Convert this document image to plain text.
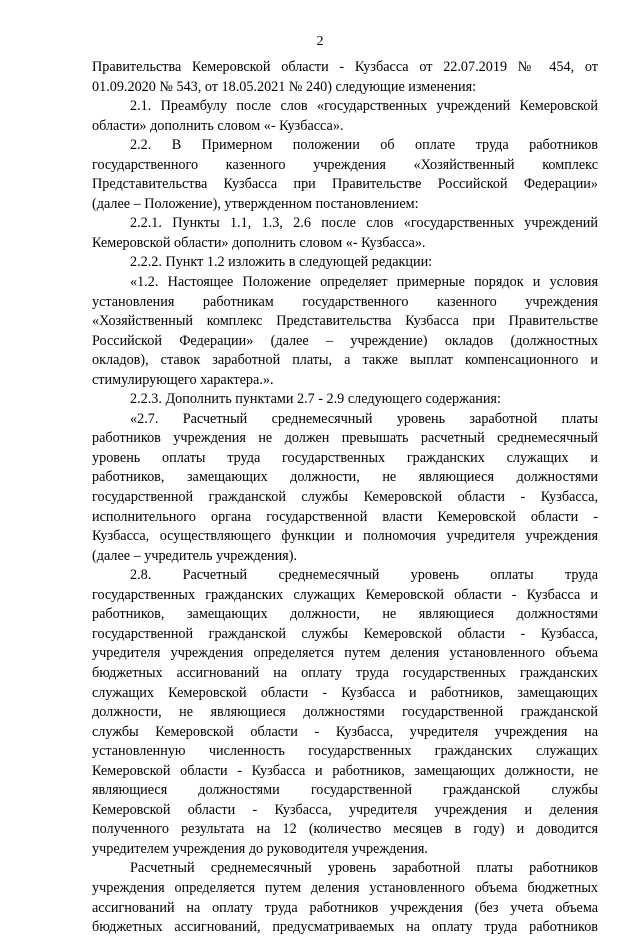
2
Правительства Кемеровской области - Кузбасса от 22.07.2019 № 454, от
01.09.2020 № 543, от 18.05.2021 № 240) следующие изменения:
2.1. Преамбулу после слов «государственных учреждений Кемеровской
области» дополнить словом «- Кузбасса».
2.2. В Примерном положении об оплате труда работников
государственного казенного учреждения «Хозяйственный комплекс
Представительства Кузбасса при Правительстве Российской Федерации»
(далее – Положение), утвержденном постановлением:
2.2.1. Пункты 1.1, 1.3, 2.6 после слов «государственных учреждений
Кемеровской области» дополнить словом «- Кузбасса».
2.2.2. Пункт 1.2 изложить в следующей редакции:
«1.2. Настоящее Положение определяет примерные порядок и условия
установления работникам государственного казенного учреждения
«Хозяйственный комплекс Представительства Кузбасса при Правительстве
Российской Федерации» (далее – учреждение) окладов (должностных
окладов), ставок заработной платы, а также выплат компенсационного и
стимулирующего характера.».
2.2.3. Дополнить пунктами 2.7 - 2.9 следующего содержания:
«2.7. Расчетный среднемесячный уровень заработной платы
работников учреждения не должен превышать расчетный среднемесячный
уровень оплаты труда государственных гражданских служащих и
работников, замещающих должности, не являющиеся должностями
государственной гражданской службы Кемеровской области - Кузбасса,
исполнительного органа государственной власти Кемеровской области -
Кузбасса, осуществляющего функции и полномочия учредителя учреждения
(далее – учредитель учреждения).
2.8. Расчетный среднемесячный уровень оплаты труда
государственных гражданских служащих Кемеровской области - Кузбасса и
работников, замещающих должности, не являющиеся должностями
государственной гражданской службы Кемеровской области - Кузбасса,
учредителя учреждения определяется путем деления установленного объема
бюджетных ассигнований на оплату труда государственных гражданских
служащих Кемеровской области - Кузбасса и работников, замещающих
должности, не являющиеся должностями государственной гражданской
службы Кемеровской области - Кузбасса, учредителя учреждения на
установленную численность государственных гражданских служащих
Кемеровской области - Кузбасса и работников, замещающих должности, не
являющиеся должностями государственной гражданской службы
Кемеровской области - Кузбасса, учредителя учреждения и деления
полученного результата на 12 (количество месяцев в году) и доводится
учредителем учреждения до руководителя учреждения.
Расчетный среднемесячный уровень заработной платы работников
учреждения определяется путем деления установленного объема бюджетных
ассигнований на оплату труда работников учреждения (без учета объема
бюджетных ассигнований, предусматриваемых на оплату труда работников
